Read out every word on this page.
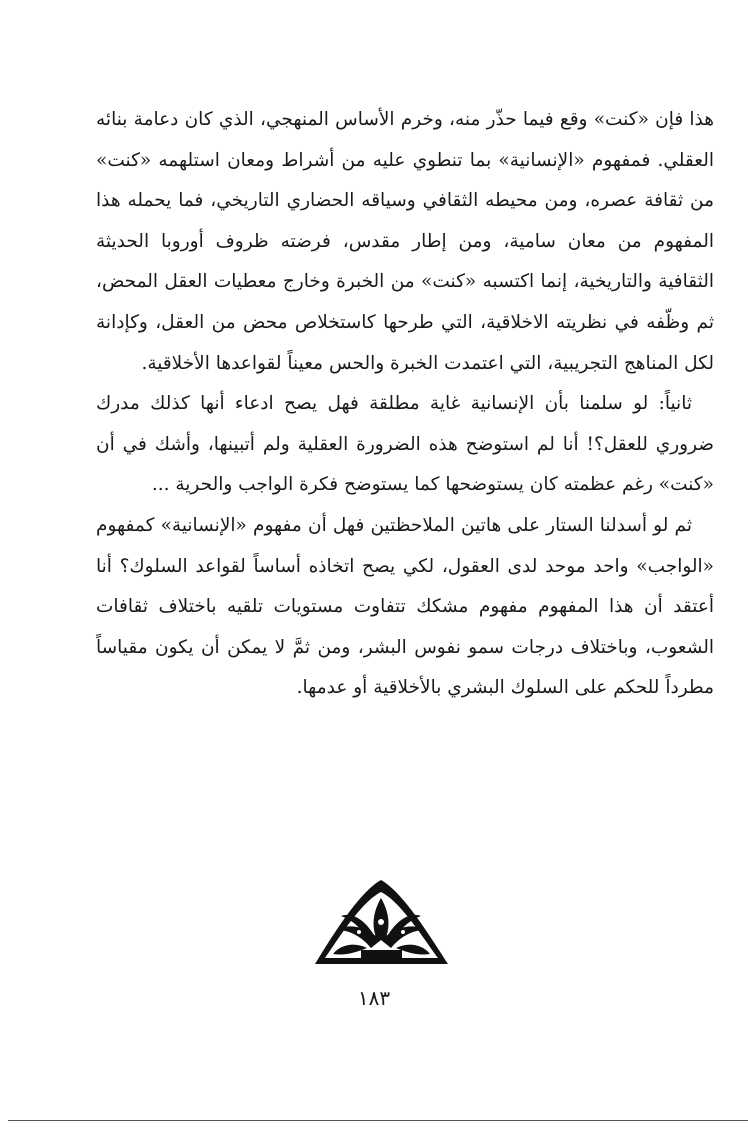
هذا فإن «كنت» وقع فيما حذّر منه، وخرم الأساس المنهجي، الذي كان دعامة بنائه العقلي. فمفهوم «الإنسانية» بما تنطوي عليه من أشراط ومعان استلهمه «كنت» من ثقافة عصره، ومن محيطه الثقافي وسياقه الحضاري التاريخي، فما يحمله هذا المفهوم من معان سامية، ومن إطار مقدس، فرضته ظروف أوروبا الحديثة الثقافية والتاريخية، إنما اكتسبه «كنت» من الخبرة وخارج معطيات العقل المحض، ثم وظّفه في نظريته الاخلاقية، التي طرحها كاستخلاص محض من العقل، وكإدانة لكل المناهج التجريبية، التي اعتمدت الخبرة والحس معيناً لقواعدها الأخلاقية.

ثانياً: لو سلمنا بأن الإنسانية غاية مطلقة فهل يصح ادعاء أنها كذلك مدرك ضروري للعقل؟! أنا لم استوضح هذه الضرورة العقلية ولم أتبينها، وأشك في أن «كنت» رغم عظمته كان يستوضحها كما يستوضح فكرة الواجب والحرية ...

ثم لو أسدلنا الستار على هاتين الملاحظتين فهل أن مفهوم «الإنسانية» كمفهوم «الواجب» واحد موحد لدى العقول، لكي يصح اتخاذه أساساً لقواعد السلوك؟ أنا أعتقد أن هذا المفهوم مفهوم مشكك تتفاوت مستويات تلقيه باختلاف ثقافات الشعوب، وباختلاف درجات سمو نفوس البشر، ومن ثمَّ لا يمكن أن يكون مقياساً مطرداً للحكم على السلوك البشري بالأخلاقية أو عدمها.

١٨٣
